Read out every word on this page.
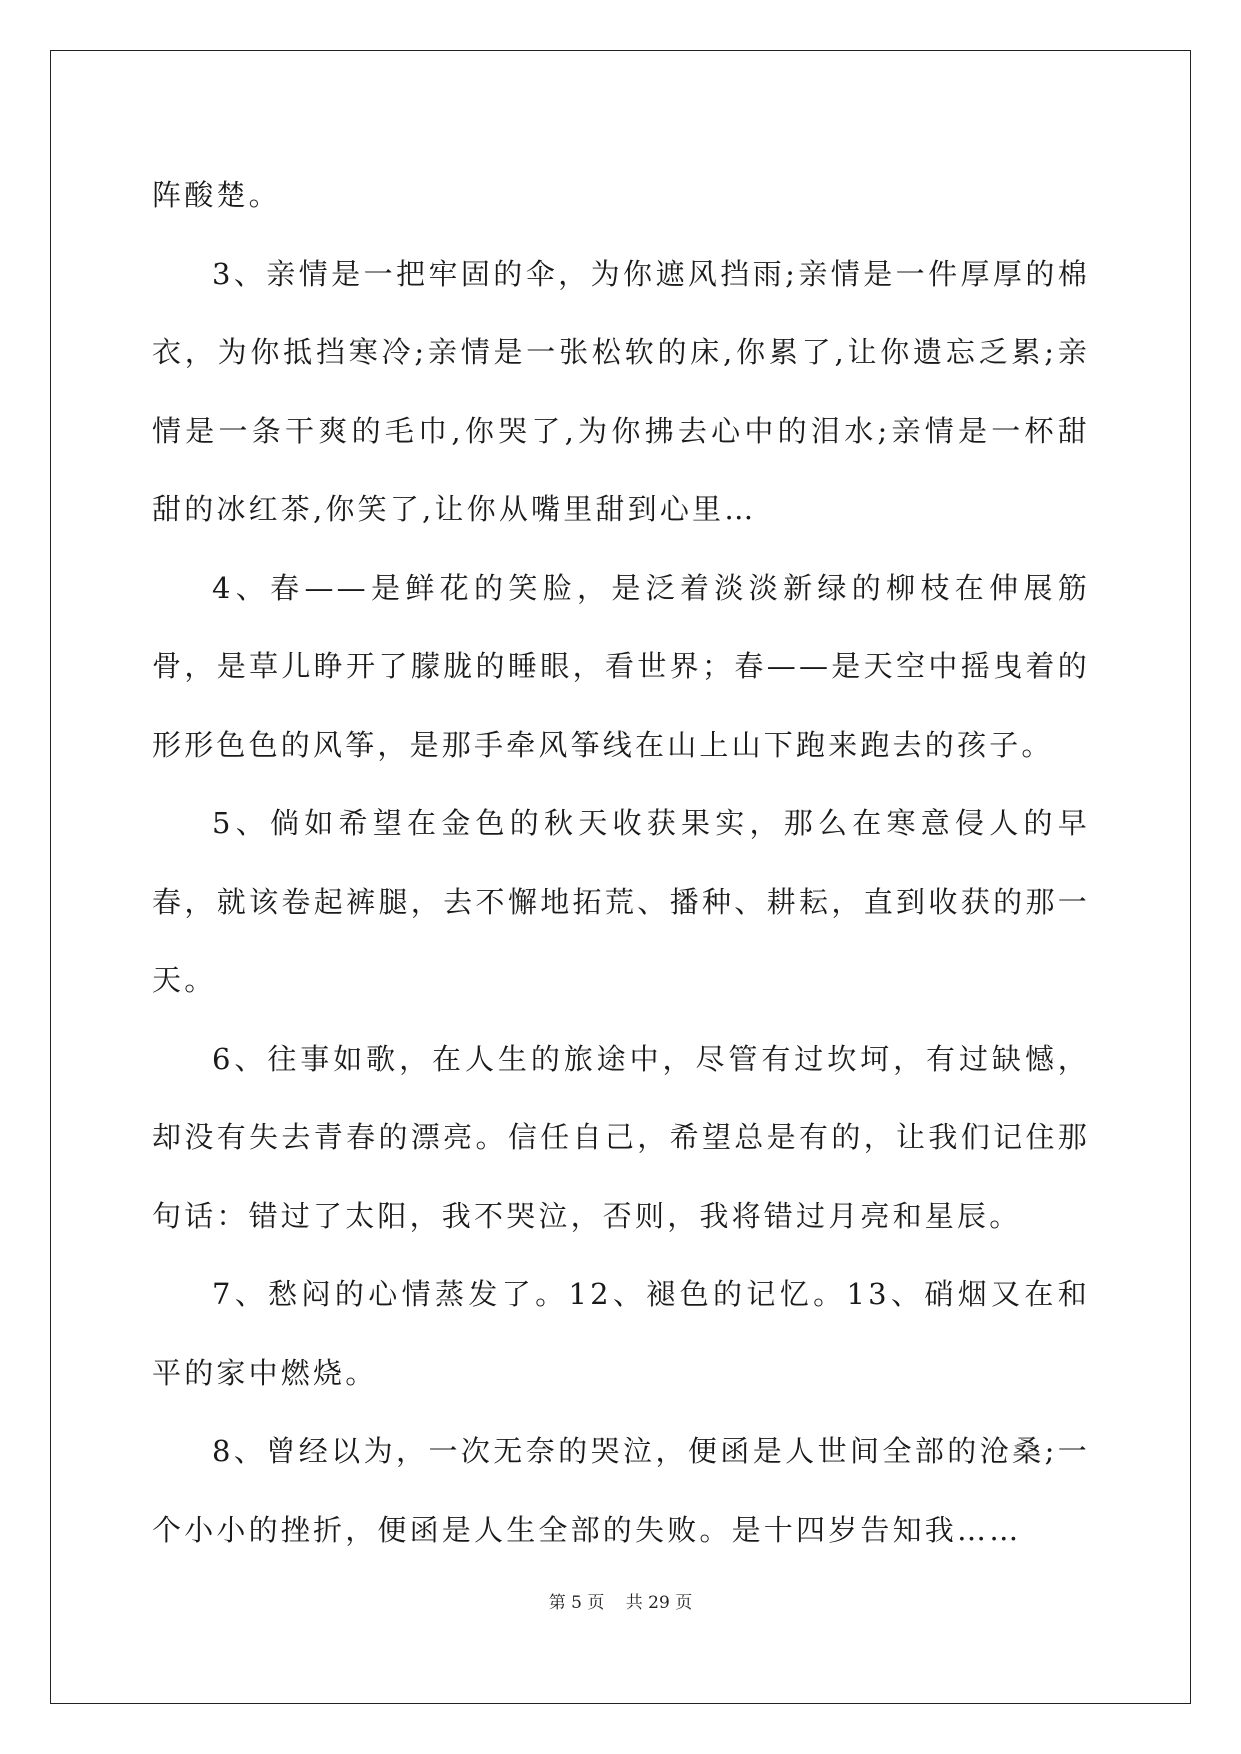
阵酸楚。

3、亲情是一把牢固的伞，为你遮风挡雨;亲情是一件厚厚的棉衣，为你抵挡寒冷;亲情是一张松软的床,你累了,让你遗忘乏累;亲情是一条干爽的毛巾,你哭了,为你拂去心中的泪水;亲情是一杯甜甜的冰红茶,你笑了,让你从嘴里甜到心里…

4、春——是鲜花的笑脸，是泛着淡淡新绿的柳枝在伸展筋骨，是草儿睁开了朦胧的睡眼，看世界；春——是天空中摇曳着的形形色色的风筝，是那手牵风筝线在山上山下跑来跑去的孩子。

5、倘如希望在金色的秋天收获果实，那么在寒意侵人的早春，就该卷起裤腿，去不懈地拓荒、播种、耕耘，直到收获的那一天。

6、往事如歌，在人生的旅途中，尽管有过坎坷，有过缺憾，却没有失去青春的漂亮。信任自己，希望总是有的，让我们记住那句话：错过了太阳，我不哭泣，否则，我将错过月亮和星辰。

7、愁闷的心情蒸发了。12、褪色的记忆。13、硝烟又在和平的家中燃烧。

8、曾经以为，一次无奈的哭泣，便函是人世间全部的沧桑;一个小小的挫折，便函是人生全部的失败。是十四岁告知我……

第 5 页 共 29 页
